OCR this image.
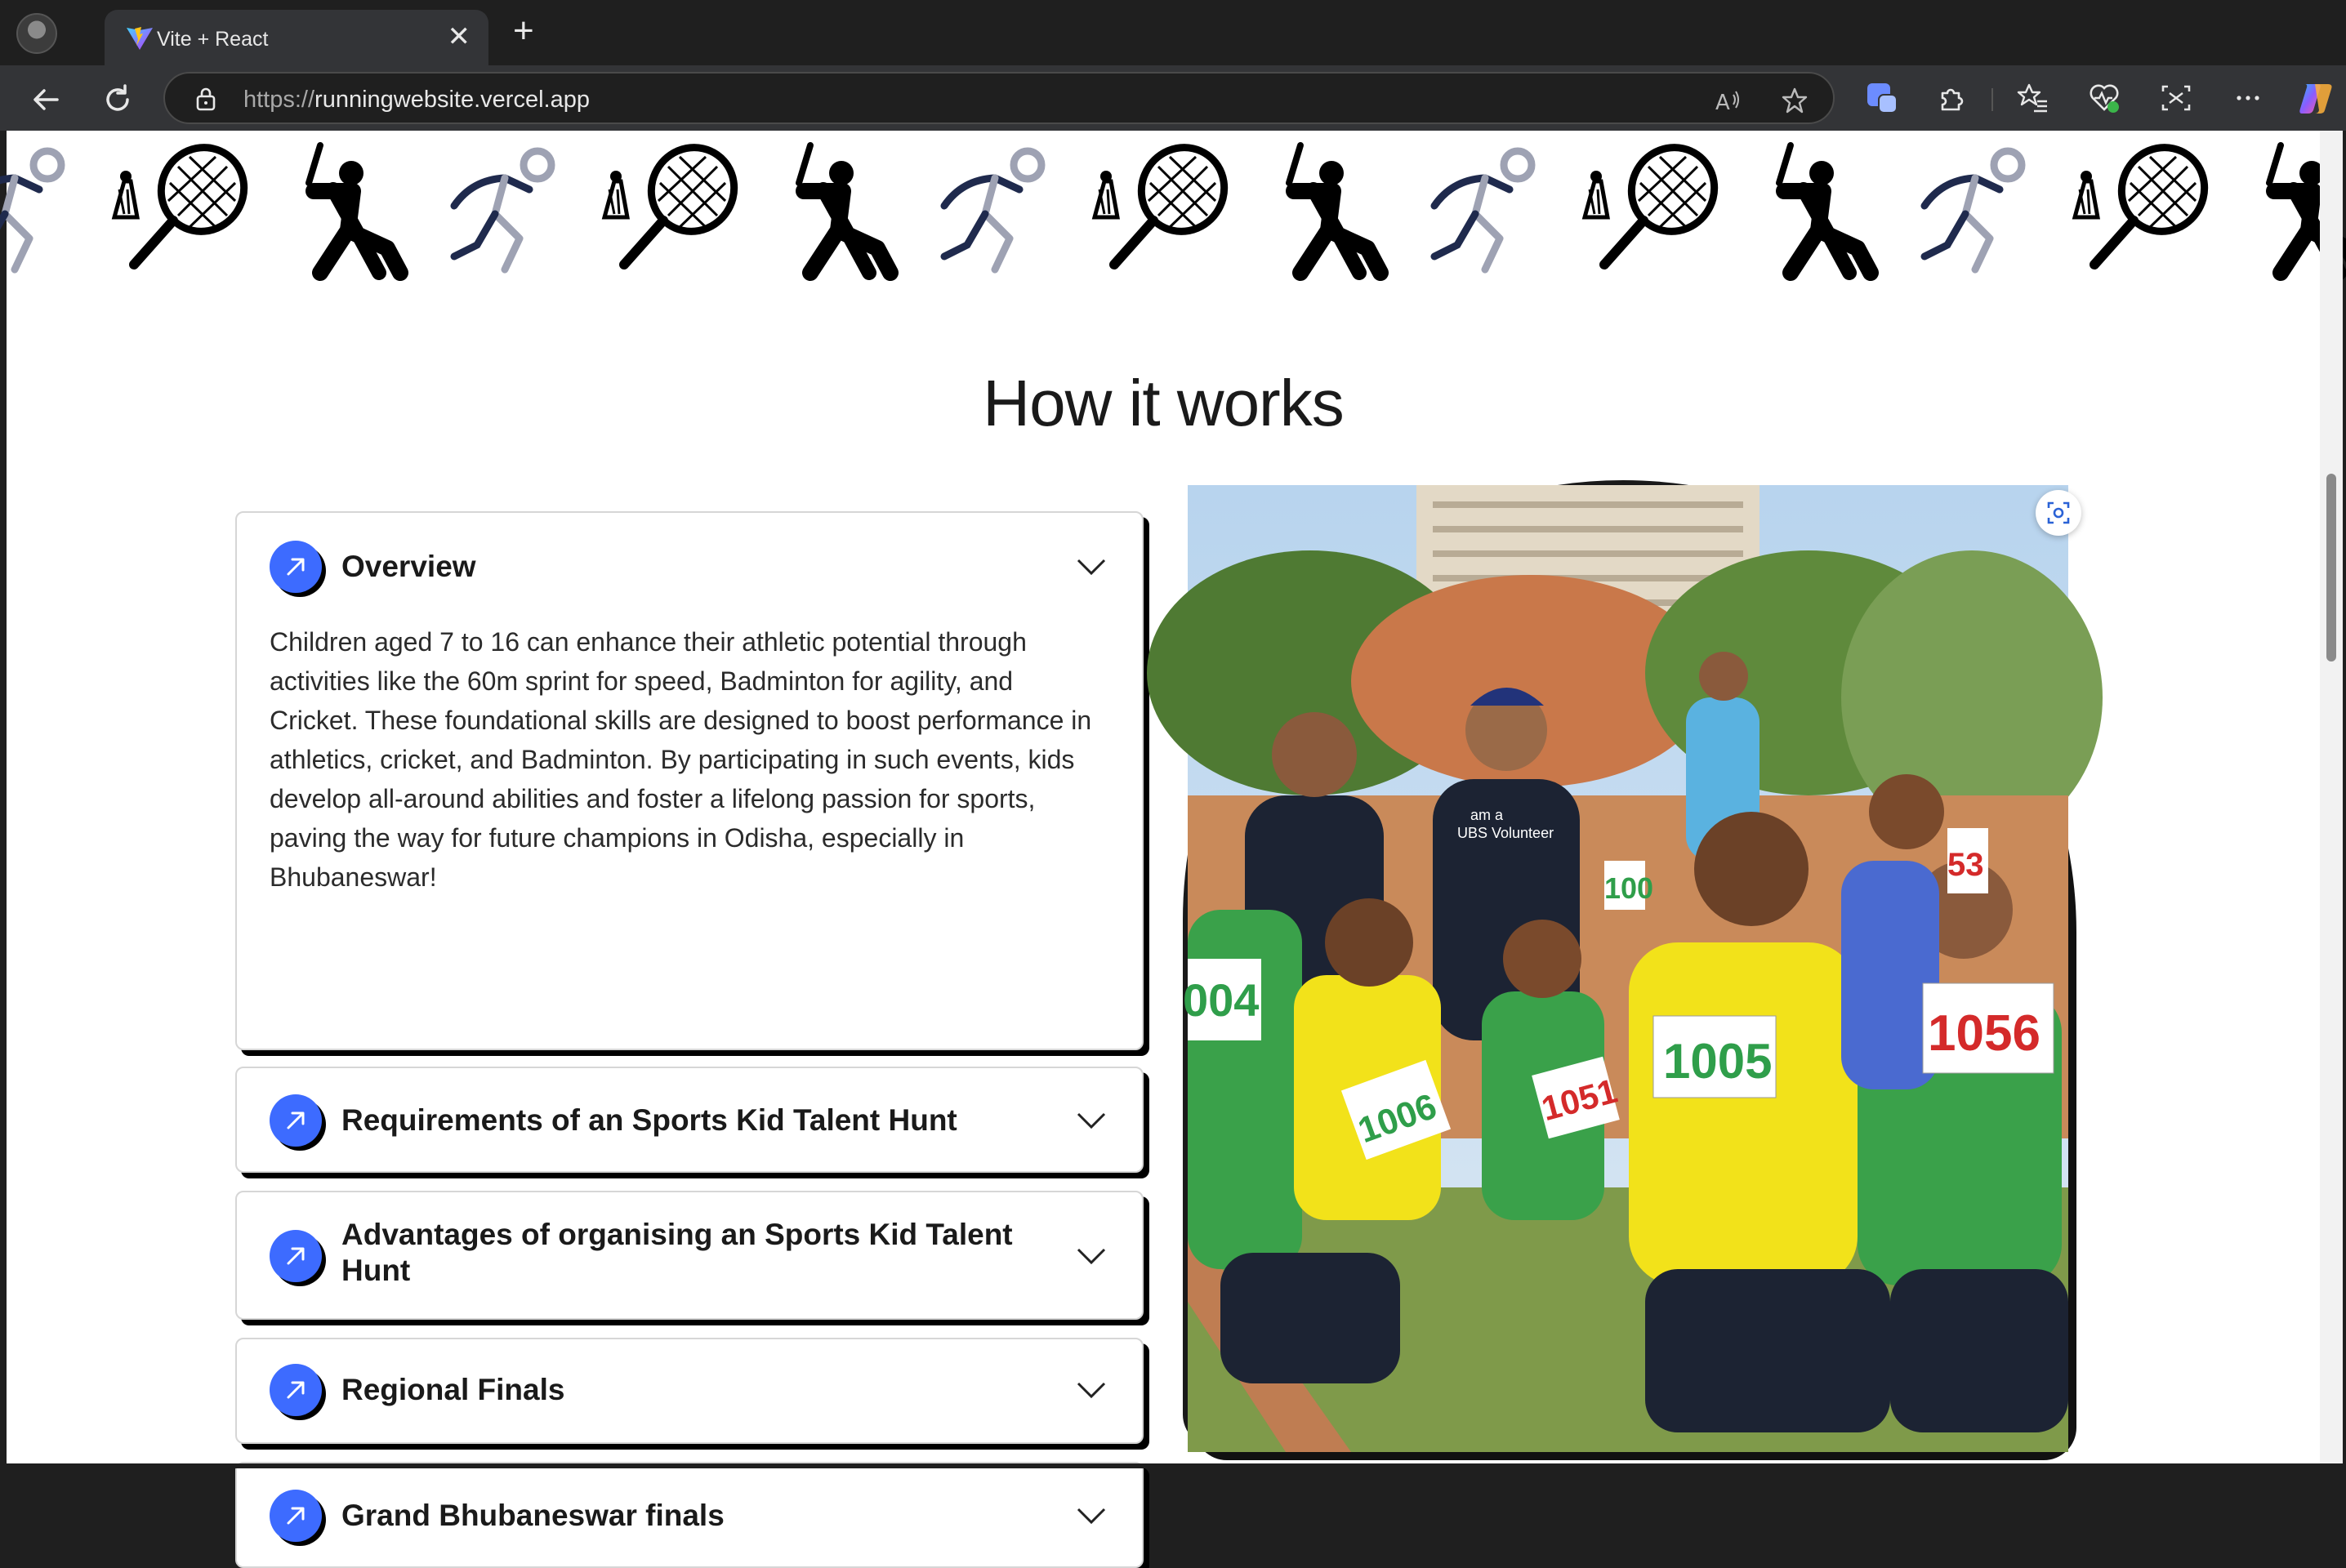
Vite + React	✕ +
https://runningwebsite.vercel.app	A
How it works
Overview

Children aged 7 to 16 can enhance their athletic potential through activities like the 60m sprint for speed, Badminton for agility, and Cricket. These foundational skills are designed to boost performance in athletics, cricket, and Badminton. By participating in such events, kids develop all-around abilities and foster a lifelong passion for sports, paving the way for future champions in Odisha, especially in Bhubaneswar!

Requirements of an Sports Kid Talent Hunt
Advantages of organising an Sports Kid Talent Hunt
Regional Finals
Grand Bhubaneswar finals
am a
UBS Volunteer
1005	1056
1006	1051
004
53
100
